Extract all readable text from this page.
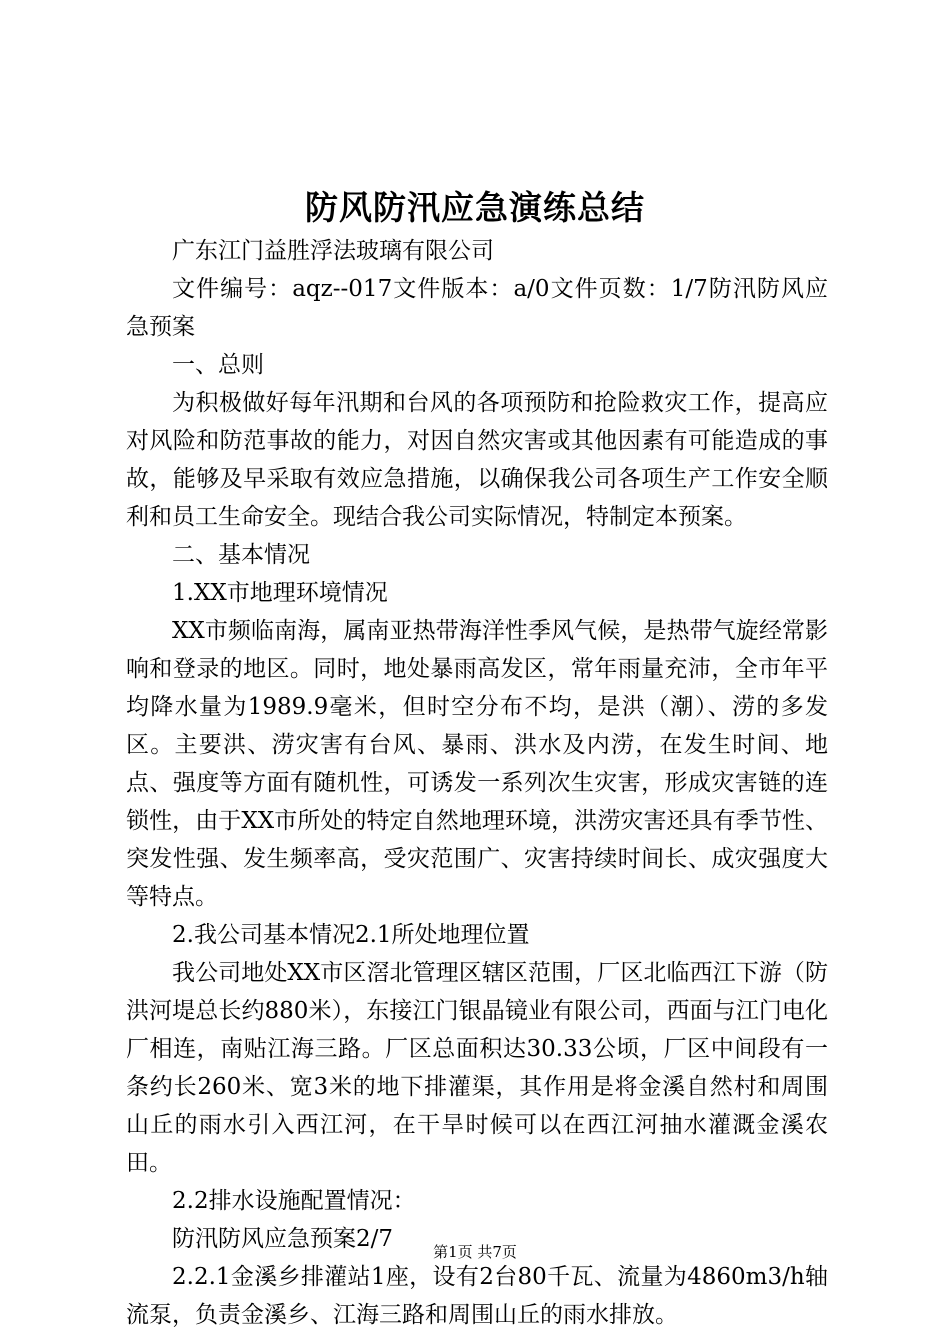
防风防汛应急演练总结

广东江门益胜浮法玻璃有限公司

文件编号：aqz--017文件版本：a/0文件页数：1/7防汛防风应急预案

一、总则

为积极做好每年汛期和台风的各项预防和抢险救灾工作，提高应对风险和防范事故的能力，对因自然灾害或其他因素有可能造成的事故，能够及早采取有效应急措施，以确保我公司各项生产工作安全顺利和员工生命安全。现结合我公司实际情况，特制定本预案。

二、基本情况

1.XX市地理环境情况

XX市频临南海，属南亚热带海洋性季风气候，是热带气旋经常影响和登录的地区。同时，地处暴雨高发区，常年雨量充沛，全市年平均降水量为1989.9毫米，但时空分布不均，是洪（潮）、涝的多发区。主要洪、涝灾害有台风、暴雨、洪水及内涝，在发生时间、地点、强度等方面有随机性，可诱发一系列次生灾害，形成灾害链的连锁性，由于XX市所处的特定自然地理环境，洪涝灾害还具有季节性、突发性强、发生频率高，受灾范围广、灾害持续时间长、成灾强度大等特点。

2.我公司基本情况2.1所处地理位置

我公司地处XX市区滘北管理区辖区范围，厂区北临西江下游（防洪河堤总长约880米），东接江门银晶镜业有限公司，西面与江门电化厂相连，南贴江海三路。厂区总面积达30.33公顷，厂区中间段有一条约长260米、宽3米的地下排灌渠，其作用是将金溪自然村和周围山丘的雨水引入西江河，在干旱时候可以在西江河抽水灌溉金溪农田。

2.2排水设施配置情况：

防汛防风应急预案2/7

2.2.1金溪乡排灌站1座，设有2台80千瓦、流量为4860m3/h轴流泵，负责金溪乡、江海三路和周围山丘的雨水排放。

第1页 共7页
